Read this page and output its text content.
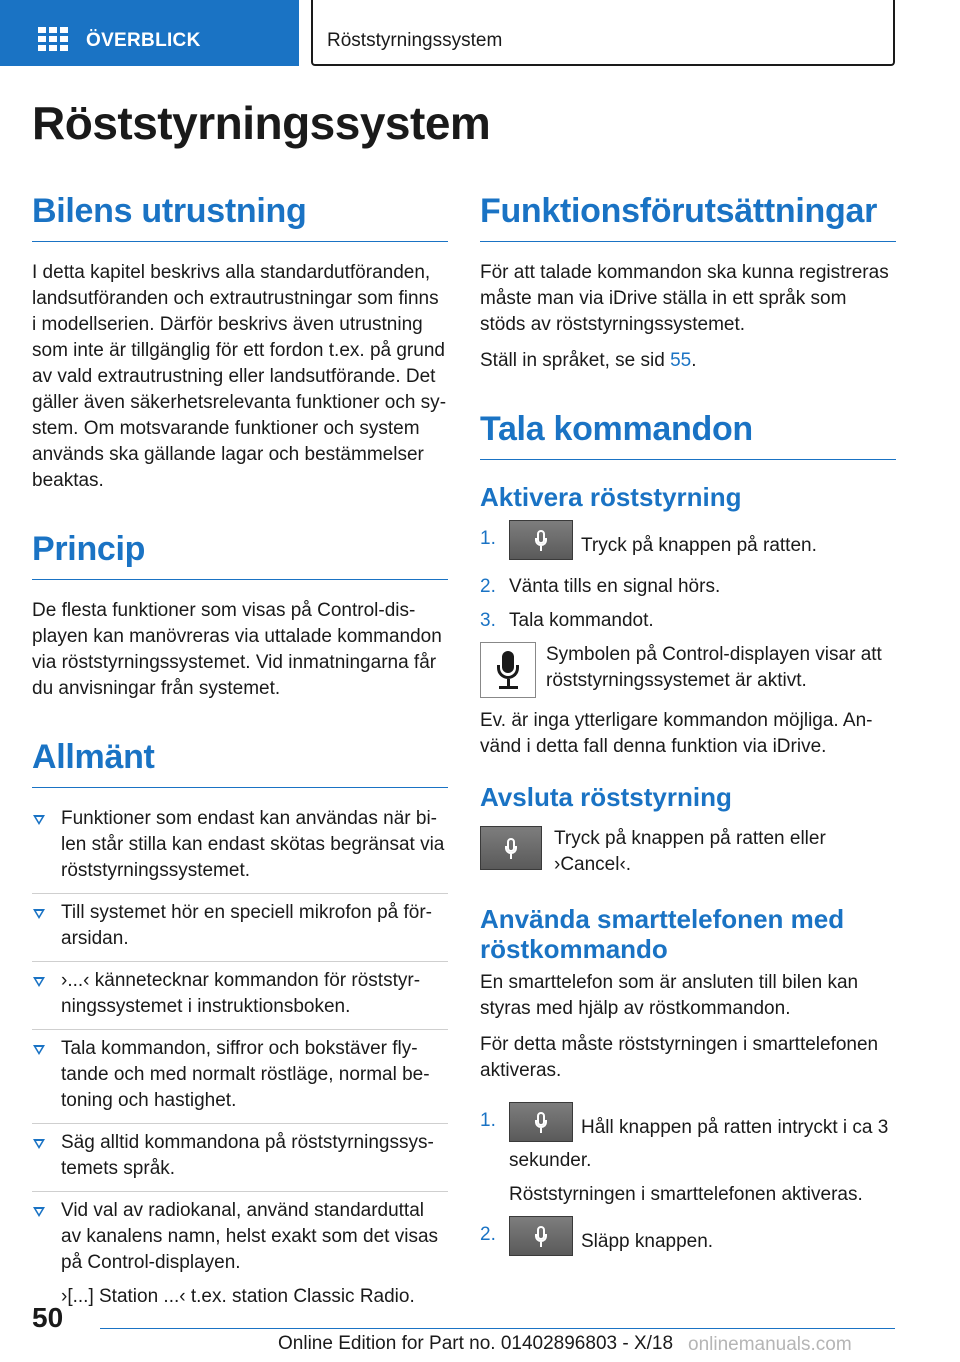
ÖVERBLICK	Röststyrningssystem
Röststyrningssystem
Bilens utrustning

I detta kapitel beskrivs alla standardutföranden, landsutföranden och extrautrustningar som finns i modellserien. Därför beskrivs även utrustning som inte är tillgänglig för ett fordon t.ex. på grund av vald extrautrustning eller landsutförande. Det gäller även säkerhetsrelevanta funktioner och system. Om motsvarande funktioner och system används ska gällande lagar och bestämmelser beaktas.

Princip

De flesta funktioner som visas på Control-displayen kan manövreras via uttalade kommandon via röststyrningssystemet. Vid inmatningarna får du anvisningar från systemet.

Allmänt
Funktioner som endast kan användas när bilen står stilla kan endast skötas begränsat via röststyrningssystemet.
Till systemet hör en speciell mikrofon på förarsidan.
›...‹ kännetecknar kommandon för röststyrningssystemet i instruktionsboken.
Tala kommandon, siffror och bokstäver flytande och med normalt röstläge, normal betoning och hastighet.
Säg alltid kommandona på röststyrningssystemets språk.
Vid val av radiokanal, använd standarduttal av kanalens namn, helst exakt som det visas på Control-displayen.

›[...] Station ...‹ t.ex. station Classic Radio.

Funktionsförutsättningar

För att talade kommandon ska kunna registreras måste man via iDrive ställa in ett språk som stöds av röststyrningssystemet.

Ställ in språket, se sid 55.

Tala kommandon
Aktivera röststyrning
1.	Tryck på knappen på ratten.
2. Vänta tills en signal hörs.
3. Tala kommandot.
Symbolen på Control-displayen visar att röststyrningssystemet är aktivt.

Ev. är inga ytterligare kommandon möjliga. Använd i detta fall denna funktion via iDrive.

Avsluta röststyrning
Tryck på knappen på ratten eller ›Cancel‹.
Använda smarttelefonen med röstkommando

En smarttelefon som är ansluten till bilen kan styras med hjälp av röstkommandon.

För detta måste röststyrningen i smarttelefonen aktiveras.

1.	Håll knappen på ratten intryckt i ca 3 sekunder.

Röststyrningen i smarttelefonen aktiveras.

2.	Släpp knappen.
50
Online Edition for Part no. 01402896803 - X/18 onlinemanuals.com
